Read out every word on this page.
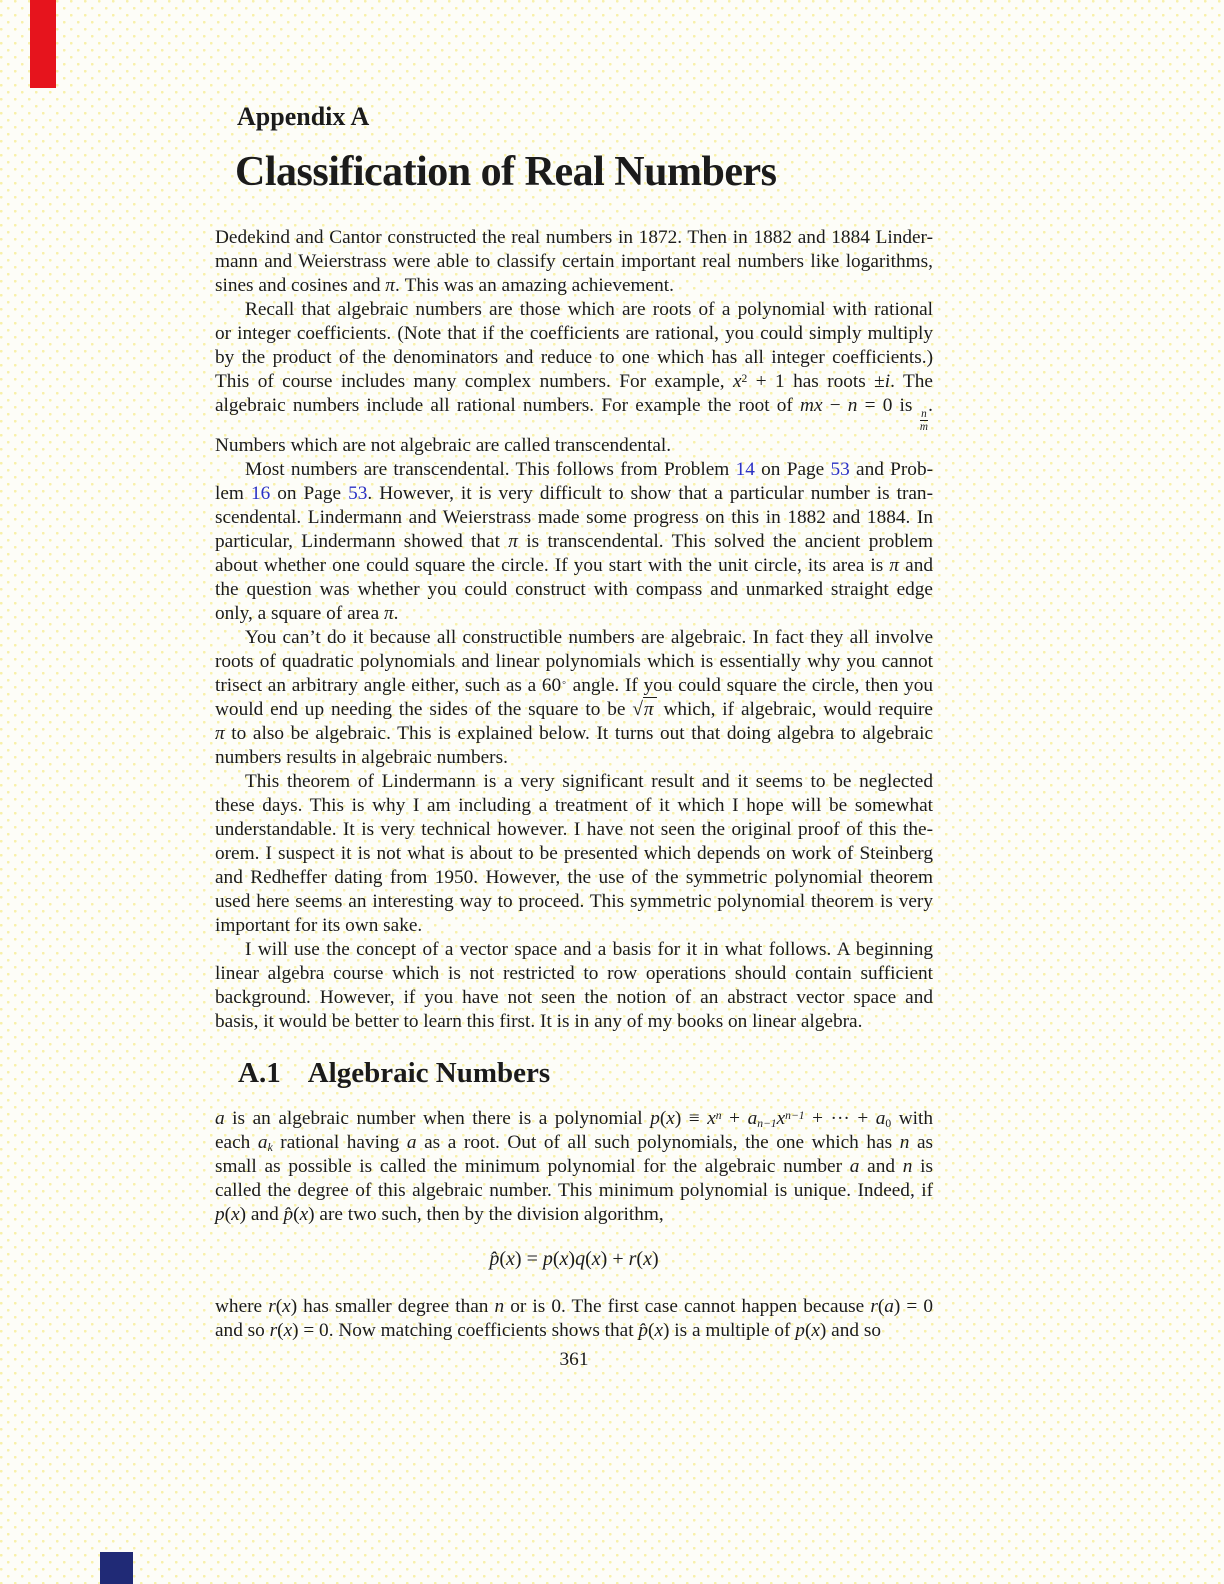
Appendix A
Classification of Real Numbers
Dedekind and Cantor constructed the real numbers in 1872. Then in 1882 and 1884 Linder-
mann and Weierstrass were able to classify certain important real numbers like logarithms,
sines and cosines and π. This was an amazing achievement.
Recall that algebraic numbers are those which are roots of a polynomial with rational
or integer coefficients. (Note that if the coefficients are rational, you could simply multiply
by the product of the denominators and reduce to one which has all integer coefficients.)
This of course includes many complex numbers. For example, $x^2 + 1$ has roots ±i. The
algebraic numbers include all rational numbers. For example the root of mx − n = 0 is
$\frac{n}{m}$
.
Numbers which are not algebraic are called transcendental.
Most numbers are transcendental. This follows from Problem 14 on Page 53 and Prob-
lem 16 on Page 53. However, it is very difficult to show that a particular number is tran-
scendental. Lindermann and Weierstrass made some progress on this in 1882 and 1884. In
particular, Lindermann showed that π is transcendental. This solved the ancient problem
about whether one could square the circle. If you start with the unit circle, its area is π and
the question was whether you could construct with compass and unmarked straight edge
only, a square of area π.
You can’t do it because all constructible numbers are algebraic. In fact they all involve
roots of quadratic polynomials and linear polynomials which is essentially why you cannot
trisect an arbitrary angle either, such as a 60◦ angle. If you could square the circle, then you
would end up needing the sides of the square to be √π which, if algebraic, would require
π to also be algebraic. This is explained below. It turns out that doing algebra to algebraic
numbers results in algebraic numbers.
This theorem of Lindermann is a very significant result and it seems to be neglected
these days. This is why I am including a treatment of it which I hope will be somewhat
understandable. It is very technical however. I have not seen the original proof of this the-
orem. I suspect it is not what is about to be presented which depends on work of Steinberg
and Redheffer dating from 1950. However, the use of the symmetric polynomial theorem
used here seems an interesting way to proceed. This symmetric polynomial theorem is very
important for its own sake.
I will use the concept of a vector space and a basis for it in what follows. A beginning
linear algebra course which is not restricted to row operations should contain sufficient
background. However, if you have not seen the notion of an abstract vector space and
basis, it would be better to learn this first. It is in any of my books on linear algebra.
A.1 Algebraic Numbers
a is an algebraic number when there is a polynomial $p(x) \equiv x^n + a_{n-1}x^{n-1}$ + ··· + $a_0$ with
each $a_k$ rational having a as a root. Out of all such polynomials, the one which has n as
small as possible is called the minimum polynomial for the algebraic number a and n is
called the degree of this algebraic number. This minimum polynomial is unique. Indeed, if
p(x) and p̂(x) are two such, then by the division algorithm,
p̂(x) = p(x)q(x) + r(x)
where r(x) has smaller degree than n or is 0. The first case cannot happen because r(a) = 0
and so r(x) = 0. Now matching coefficients shows that p̂(x) is a multiple of p(x) and so
361
